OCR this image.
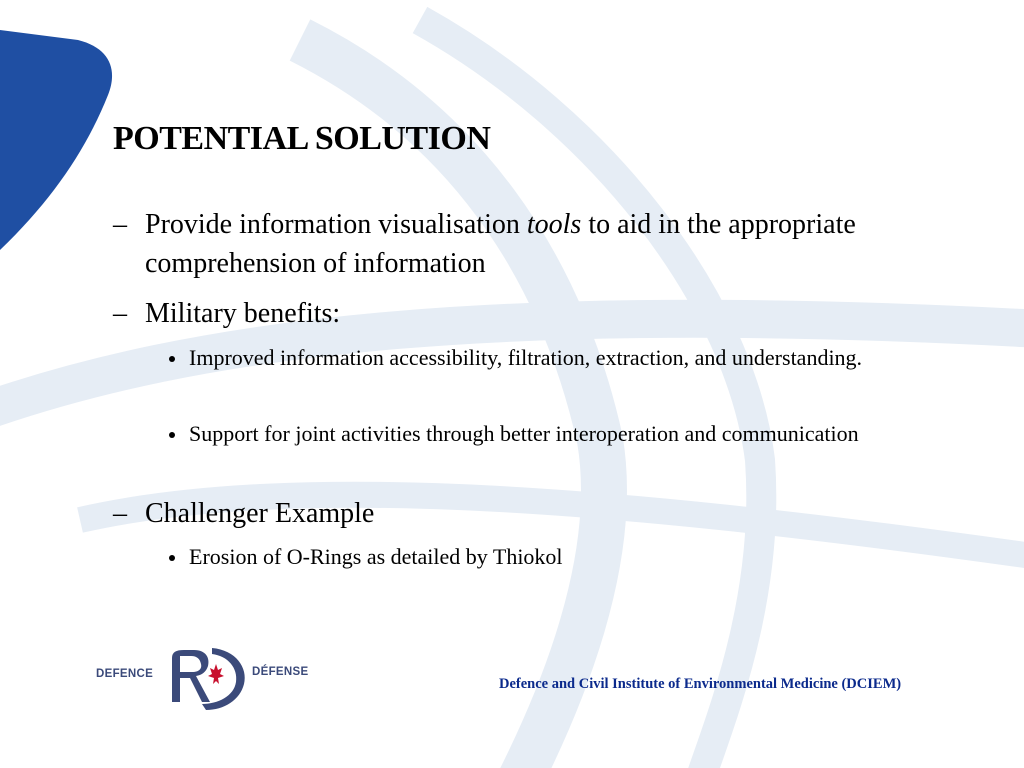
POTENTIAL SOLUTION
– Provide information visualisation tools to aid in the appropriate comprehension of information
– Military benefits:
Improved information accessibility, filtration, extraction, and understanding.
Support for joint activities through better interoperation and communication
– Challenger Example
Erosion of O-Rings as detailed by Thiokol
DEFENCE	DÉFENSE
Defence and Civil Institute of Environmental Medicine (DCIEM)
